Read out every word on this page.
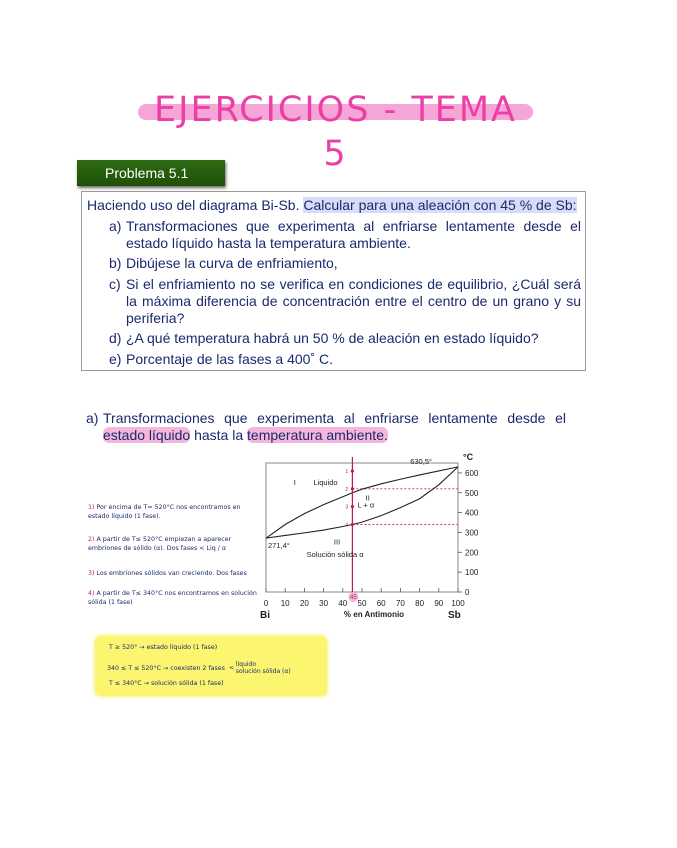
EJERCICIOS - TEMA 5
Problema 5.1
Haciendo uso del diagrama Bi-Sb. Calcular para una aleación con 45 % de Sb:
a) Transformaciones que experimenta al enfriarse lentamente desde el estado líquido hasta la temperatura ambiente.
b) Dibújese la curva de enfriamiento,
c) Si el enfriamiento no se verifica en condiciones de equilibrio, ¿Cuál será la máxima diferencia de concentración entre el centro de un grano y su periferia?
d) ¿A qué temperatura habrá un 50 % de aleación en estado líquido?
e) Porcentaje de las fases a 400˚ C.
a) Transformaciones que experimenta al enfriarse lentamente desde el estado líquido hasta la temperatura ambiente.
1) Por encima de T= 520°C nos encontramos en estado líquido (1 fase).
2) A partir de T≤ 520°C empiezan a aparecer embriones de sólido (α). Dos fases < Liq / α
3) Los embriones sólidos van creciendo. Dos fases
4) A partir de T≤ 340°C nos encontramos en solución sólida (1 fase)
T ≥ 520° → estado líquido (1 fase)
340 ≤ T ≤ 520°C → coexisten 2 fases < líquido
solución sólida (α)
T ≤ 340°C → solución sólida (1 fase)
0 10 20 30 40 50 60 70 80 90 100
0
100
200
300
400
500
600
°C
% en Antimonio
Bi	Sb
45
1
2
3
4
I Liquido
II
L + α
III
Solución sólida α
271,4°
630,5°
